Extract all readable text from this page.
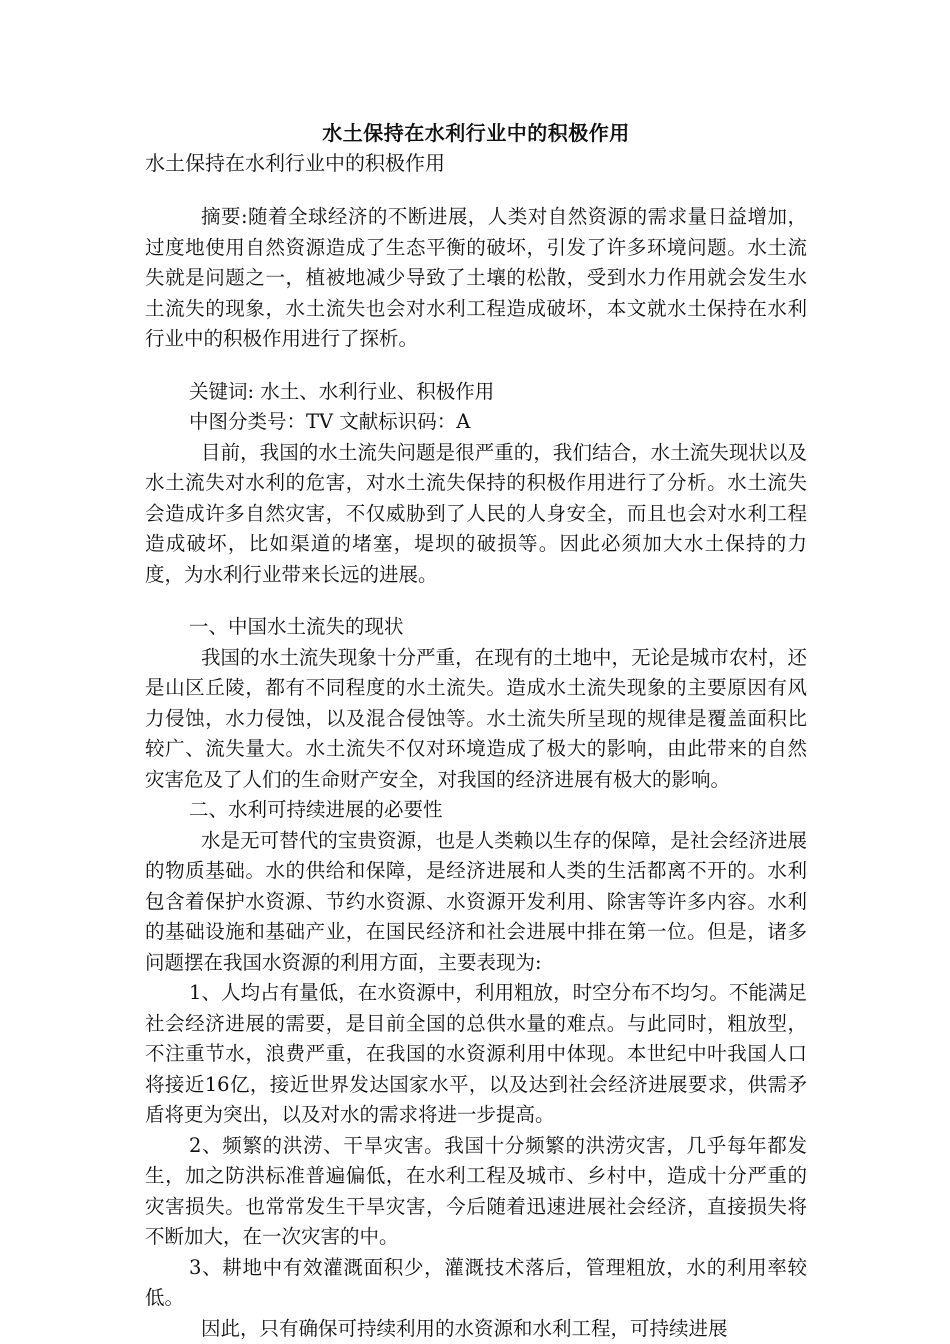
水土保持在水利行业中的积极作用

水土保持在水利行业中的积极作用

摘要:随着全球经济的不断进展，人类对自然资源的需求量日益增加，过度地使用自然资源造成了生态平衡的破坏，引发了许多环境问题。水土流失就是问题之一，植被地减少导致了土壤的松散，受到水力作用就会发生水土流失的现象，水土流失也会对水利工程造成破坏，本文就水土保持在水利行业中的积极作用进行了探析。

关键词: 水土、水利行业、积极作用

中图分类号：TV 文献标识码：A

目前，我国的水土流失问题是很严重的，我们结合，水土流失现状以及水土流失对水利的危害，对水土流失保持的积极作用进行了分析。水土流失会造成许多自然灾害，不仅威胁到了人民的人身安全，而且也会对水利工程造成破坏，比如渠道的堵塞，堤坝的破损等。因此必须加大水土保持的力度，为水利行业带来长远的进展。

一、中国水土流失的现状

我国的水土流失现象十分严重，在现有的土地中，无论是城市农村，还是山区丘陵，都有不同程度的水土流失。造成水土流失现象的主要原因有风力侵蚀，水力侵蚀，以及混合侵蚀等。水土流失所呈现的规律是覆盖面积比较广、流失量大。水土流失不仅对环境造成了极大的影响，由此带来的自然灾害危及了人们的生命财产安全，对我国的经济进展有极大的影响。

二、水利可持续进展的必要性

水是无可替代的宝贵资源，也是人类赖以生存的保障，是社会经济进展的物质基础。水的供给和保障，是经济进展和人类的生活都离不开的。水利包含着保护水资源、节约水资源、水资源开发利用、除害等许多内容。水利的基础设施和基础产业，在国民经济和社会进展中排在第一位。但是，诸多问题摆在我国水资源的利用方面，主要表现为:

1、人均占有量低，在水资源中，利用粗放，时空分布不均匀。不能满足社会经济进展的需要，是目前全国的总供水量的难点。与此同时，粗放型，不注重节水，浪费严重，在我国的水资源利用中体现。本世纪中叶我国人口将接近16亿，接近世界发达国家水平，以及达到社会经济进展要求，供需矛盾将更为突出，以及对水的需求将进一步提高。

2、频繁的洪涝、干旱灾害。我国十分频繁的洪涝灾害，几乎每年都发生，加之防洪标准普遍偏低，在水利工程及城市、乡村中，造成十分严重的灾害损失。也常常发生干旱灾害，今后随着迅速进展社会经济，直接损失将不断加大，在一次灾害的中。

3、耕地中有效灌溉面积少，灌溉技术落后，管理粗放，水的利用率较低。

因此，只有确保可持续利用的水资源和水利工程，可持续进展
